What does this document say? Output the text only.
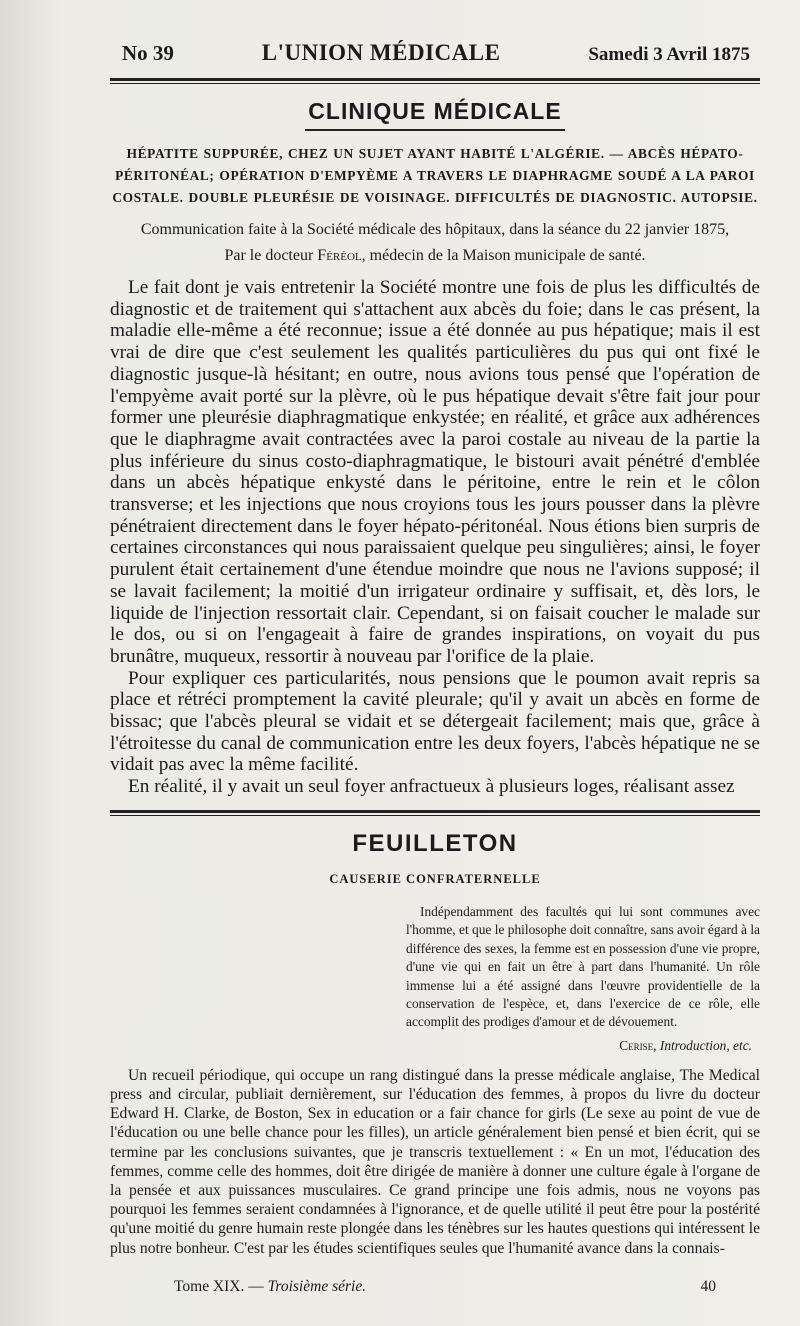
No 39	L'UNION MÉDICALE	Samedi 3 Avril 1875
CLINIQUE MÉDICALE
HÉPATITE SUPPURÉE, CHEZ UN SUJET AYANT HABITÉ L'ALGÉRIE. — ABCÈS HÉPATO-PÉRITONÉAL; OPÉRATION D'EMPYÈME A TRAVERS LE DIAPHRAGME SOUDÉ A LA PAROI COSTALE. DOUBLE PLEURÉSIE DE VOISINAGE. DIFFICULTÉS DE DIAGNOSTIC. AUTOPSIE.
Communication faite à la Société médicale des hôpitaux, dans la séance du 22 janvier 1875,
Par le docteur Féréol, médecin de la Maison municipale de santé.

Le fait dont je vais entretenir la Société montre une fois de plus les difficultés de diagnostic et de traitement qui s'attachent aux abcès du foie; dans le cas présent, la maladie elle-même a été reconnue; issue a été donnée au pus hépatique; mais il est vrai de dire que c'est seulement les qualités particulières du pus qui ont fixé le diagnostic jusque-là hésitant; en outre, nous avions tous pensé que l'opération de l'empyème avait porté sur la plèvre, où le pus hépatique devait s'être fait jour pour former une pleurésie diaphragmatique enkystée; en réalité, et grâce aux adhérences que le diaphragme avait contractées avec la paroi costale au niveau de la partie la plus inférieure du sinus costo-diaphragmatique, le bistouri avait pénétré d'emblée dans un abcès hépatique enkysté dans le péritoine, entre le rein et le côlon transverse; et les injections que nous croyions tous les jours pousser dans la plèvre pénétraient directement dans le foyer hépato-péritonéal. Nous étions bien surpris de certaines circonstances qui nous paraissaient quelque peu singulières; ainsi, le foyer purulent était certainement d'une étendue moindre que nous ne l'avions supposé; il se lavait facilement; la moitié d'un irrigateur ordinaire y suffisait, et, dès lors, le liquide de l'injection ressortait clair. Cependant, si on faisait coucher le malade sur le dos, ou si on l'engageait à faire de grandes inspirations, on voyait du pus brunâtre, muqueux, ressortir à nouveau par l'orifice de la plaie.

Pour expliquer ces particularités, nous pensions que le poumon avait repris sa place et rétréci promptement la cavité pleurale; qu'il y avait un abcès en forme de bissac; que l'abcès pleural se vidait et se détergeait facilement; mais que, grâce à l'étroitesse du canal de communication entre les deux foyers, l'abcès hépatique ne se vidait pas avec la même facilité.

En réalité, il y avait un seul foyer anfractueux à plusieurs loges, réalisant assez

FEUILLETON
CAUSERIE CONFRATERNELLE
Indépendamment des facultés qui lui sont communes avec l'homme, et que le philosophe doit connaître, sans avoir égard à la différence des sexes, la femme est en possession d'une vie propre, d'une vie qui en fait un être à part dans l'humanité. Un rôle immense lui a été assigné dans l'œuvre providentielle de la conservation de l'espèce, et, dans l'exercice de ce rôle, elle accomplit des prodiges d'amour et de dévouement.
Cerise, Introduction, etc.

Un recueil périodique, qui occupe un rang distingué dans la presse médicale anglaise, The Medical press and circular, publiait dernièrement, sur l'éducation des femmes, à propos du livre du docteur Edward H. Clarke, de Boston, Sex in education or a fair chance for girls (Le sexe au point de vue de l'éducation ou une belle chance pour les filles), un article généralement bien pensé et bien écrit, qui se termine par les conclusions suivantes, que je transcris textuellement : « En un mot, l'éducation des femmes, comme celle des hommes, doit être dirigée de manière à donner une culture égale à l'organe de la pensée et aux puissances musculaires. Ce grand principe une fois admis, nous ne voyons pas pourquoi les femmes seraient condamnées à l'ignorance, et de quelle utilité il peut être pour la postérité qu'une moitié du genre humain reste plongée dans les ténèbres sur les hautes questions qui intéressent le plus notre bonheur. C'est par les études scientifiques seules que l'humanité avance dans la connais-

Tome XIX. — Troisième série.	40
